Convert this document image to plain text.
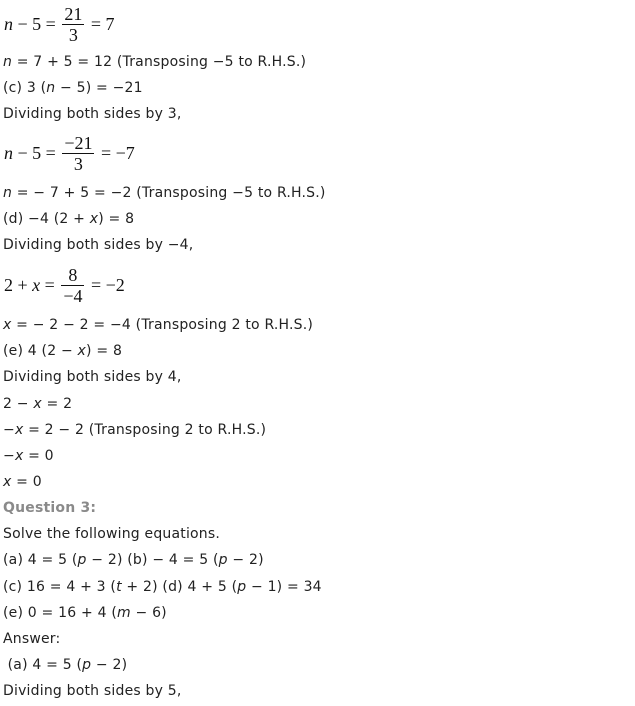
$n - 5 = \frac{21}{3} = 7$
n = 7 + 5 = 12 (Transposing −5 to R.H.S.)
(c) 3 (n − 5) = −21
Dividing both sides by 3,
$n - 5 = \frac{-21}{3} = -7$
n = − 7 + 5 = −2 (Transposing −5 to R.H.S.)
(d) −4 (2 + x) = 8
Dividing both sides by −4,
$2 + x = \frac{8}{-4} = -2$
x = − 2 − 2 = −4 (Transposing 2 to R.H.S.)
(e) 4 (2 − x) = 8
Dividing both sides by 4,
2 − x = 2
−x = 2 − 2 (Transposing 2 to R.H.S.)
−x = 0
x = 0
Question 3:
Solve the following equations.
(a) 4 = 5 (p − 2) (b) − 4 = 5 (p − 2)
(c) 16 = 4 + 3 (t + 2) (d) 4 + 5 (p − 1) = 34
(e) 0 = 16 + 4 (m − 6)
Answer:
(a) 4 = 5 (p − 2)
Dividing both sides by 5,
